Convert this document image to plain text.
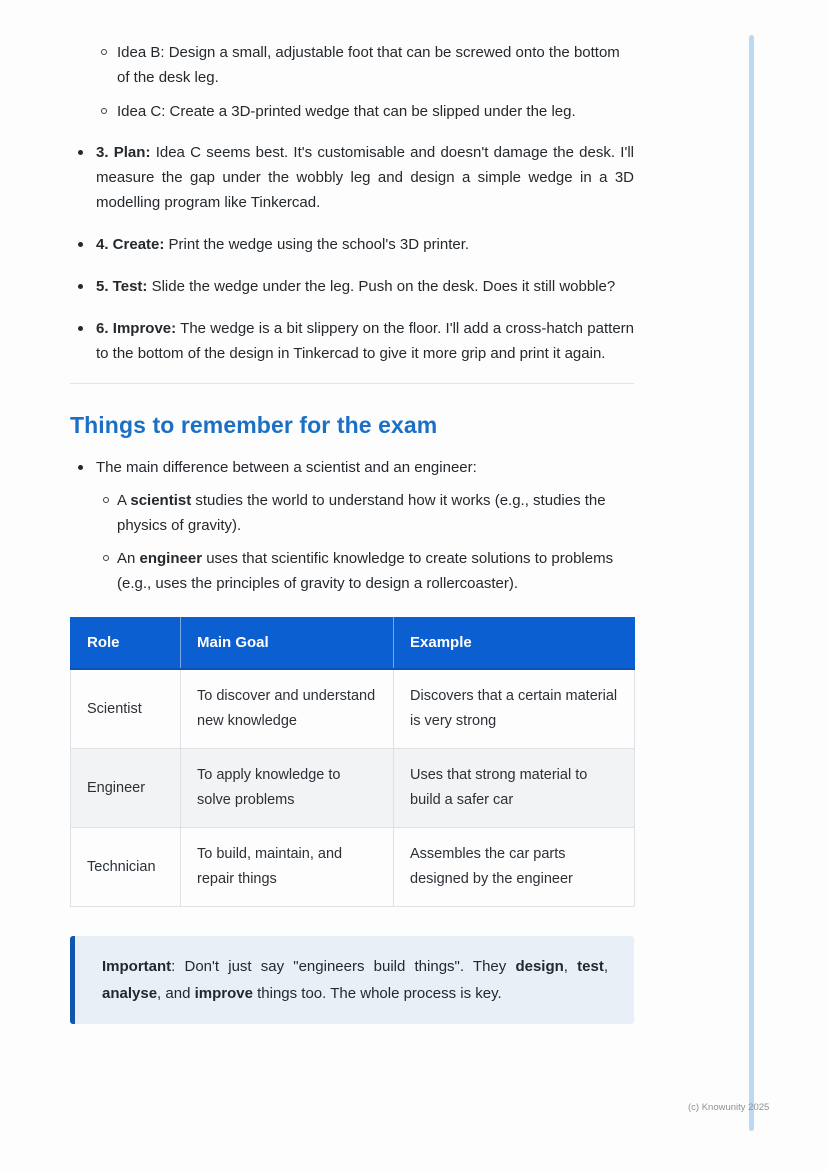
Idea B: Design a small, adjustable foot that can be screwed onto the bottom of the desk leg.
Idea C: Create a 3D-printed wedge that can be slipped under the leg.
3. Plan: Idea C seems best. It's customisable and doesn't damage the desk. I'll measure the gap under the wobbly leg and design a simple wedge in a 3D modelling program like Tinkercad.
4. Create: Print the wedge using the school's 3D printer.
5. Test: Slide the wedge under the leg. Push on the desk. Does it still wobble?
6. Improve: The wedge is a bit slippery on the floor. I'll add a cross-hatch pattern to the bottom of the design in Tinkercad to give it more grip and print it again.
Things to remember for the exam
The main difference between a scientist and an engineer:
A scientist studies the world to understand how it works (e.g., studies the physics of gravity).
An engineer uses that scientific knowledge to create solutions to problems (e.g., uses the principles of gravity to design a rollercoaster).
Role	Main Goal	Example
Scientist	To discover and understand new knowledge	Discovers that a certain material is very strong
Engineer	To apply knowledge to solve problems	Uses that strong material to build a safer car
Technician	To build, maintain, and repair things	Assembles the car parts designed by the engineer
Important: Don't just say "engineers build things". They design, test, analyse, and improve things too. The whole process is key.
(c) Knowunity 2025
